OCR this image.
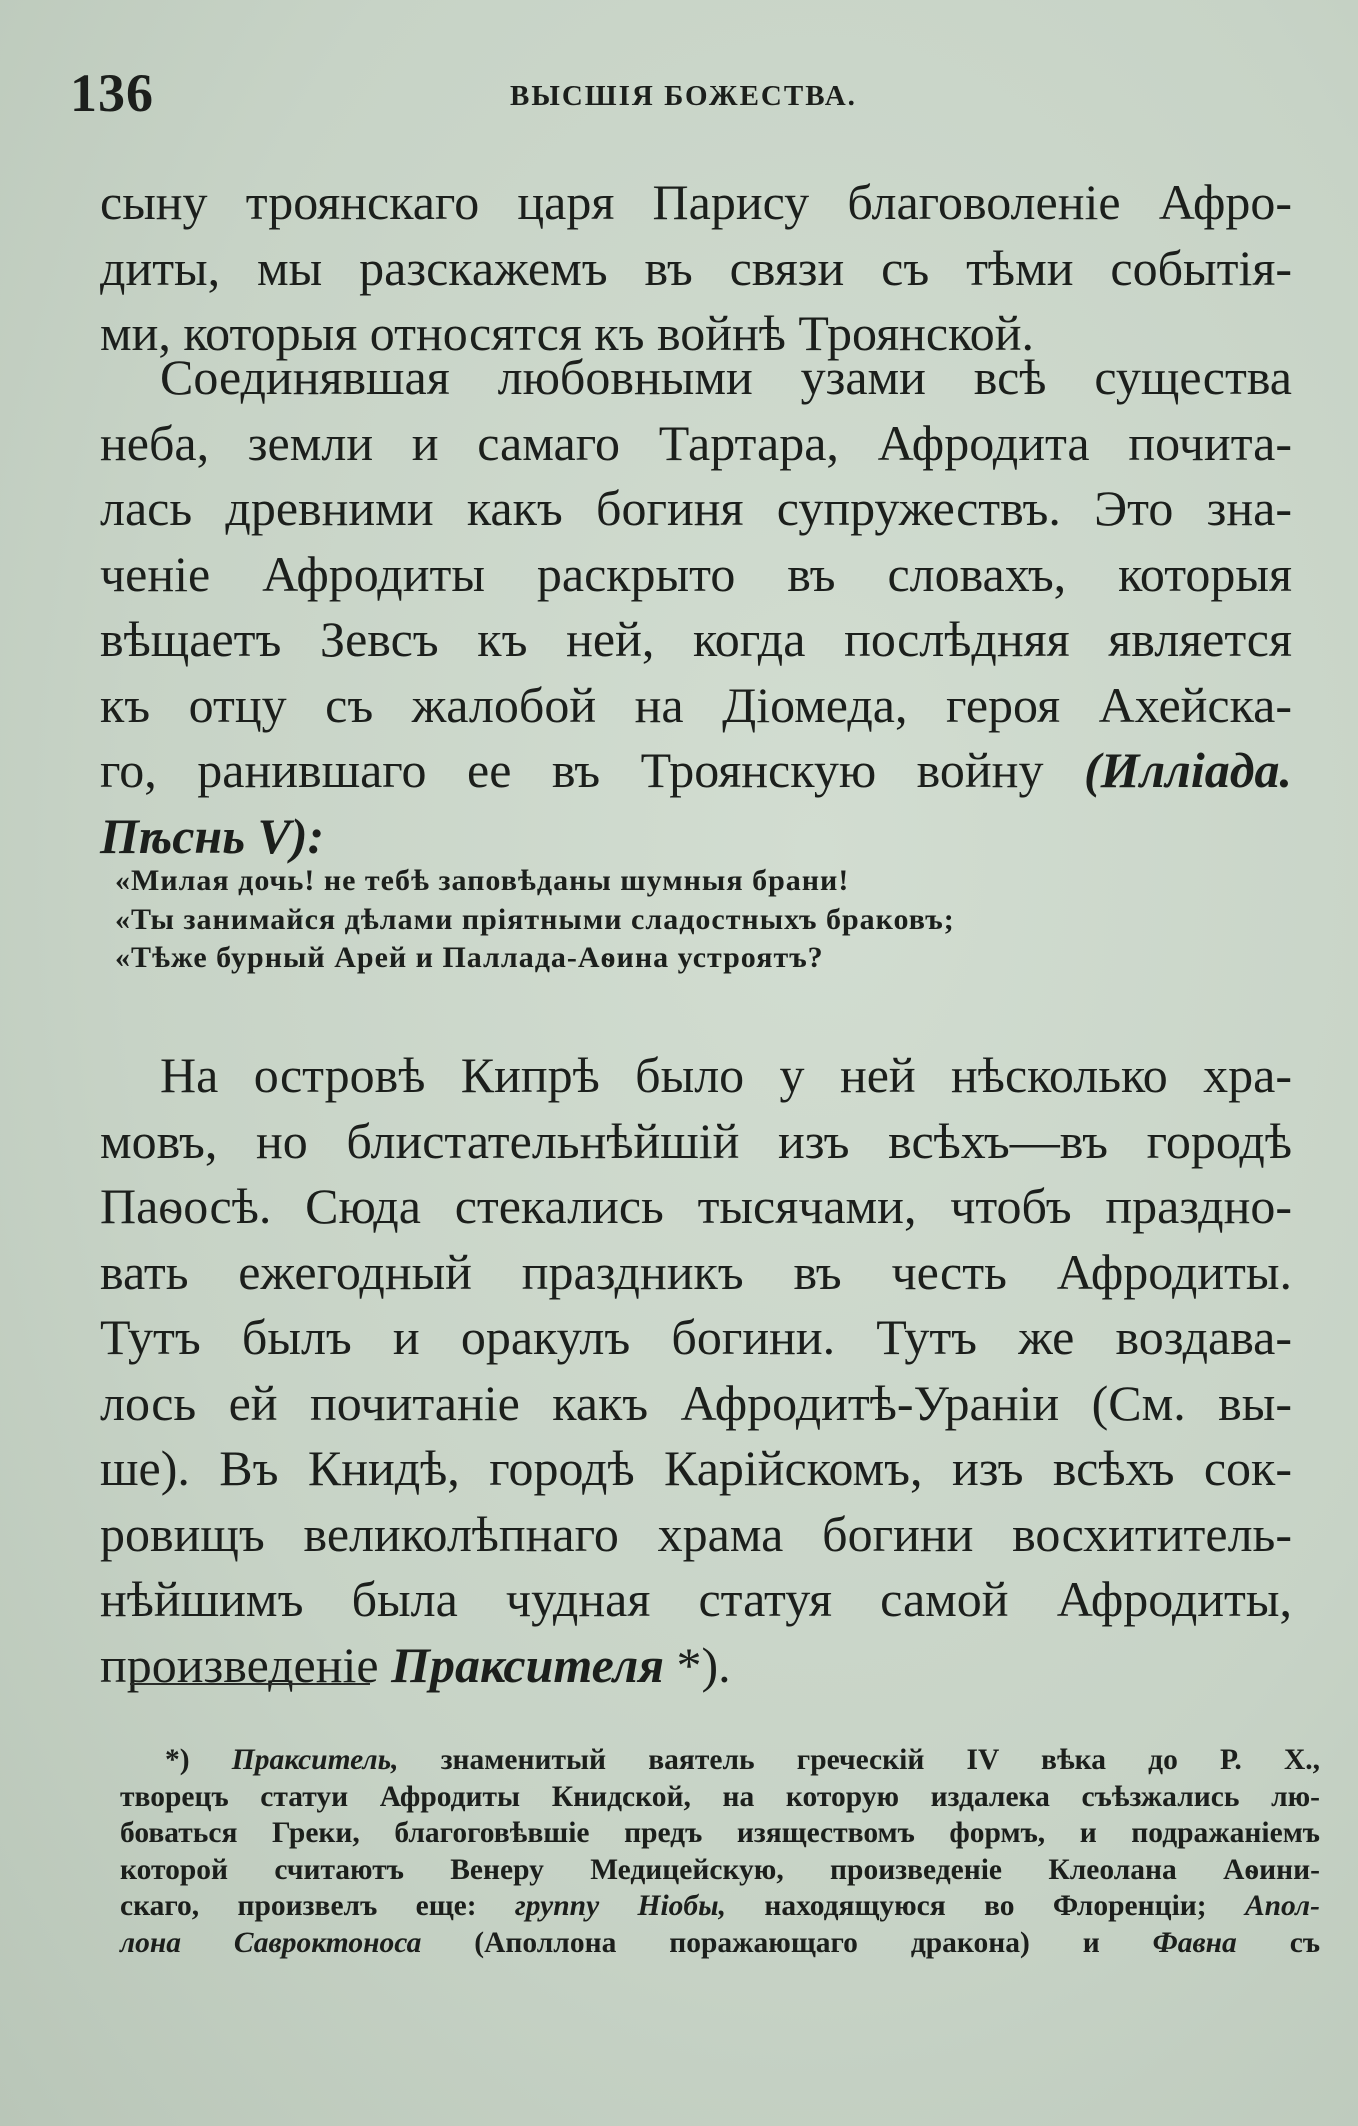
136	ВЫСШІЯ БОЖЕСТВА.
сыну троянскаго царя Парису благоволеніе Афро-
диты, мы разскажемъ въ связи съ тѣми событія-
ми, которыя относятся къ войнѣ Троянской.
Соединявшая любовными узами всѣ существа
неба, земли и самаго Тартара, Афродита почита-
лась древними какъ богиня супружествъ. Это зна-
ченіе Афродиты раскрыто въ словахъ, которыя
вѣщаетъ Зевсъ къ ней, когда послѣдняя является
къ отцу съ жалобой на Діомеда, героя Ахейска-
го, ранившаго ее въ Троянскую войну (Илліада.
Пѣснь V):
«Милая дочь! не тебѣ заповѣданы шумныя брани!
«Ты занимайся дѣлами пріятными сладостныхъ браковъ;
«Тѣже бурный Арей и Паллада-Аѳина устроятъ?
На островѣ Кипрѣ было у ней нѣсколько хра-
мовъ, но блистательнѣйшій изъ всѣхъ—въ городѣ
Паѳосѣ. Сюда стекались тысячами, чтобъ праздно-
вать ежегодный праздникъ въ честь Афродиты.
Тутъ былъ и оракулъ богини. Тутъ же воздава-
лось ей почитаніе какъ Афродитѣ-Ураніи (См. вы-
ше). Въ Книдѣ, городѣ Карійскомъ, изъ всѣхъ сок-
ровищъ великолѣпнаго храма богини восхититель-
нѣйшимъ была чудная статуя самой Афродиты,
произведеніе Праксителя *).
*) Пракситель, знаменитый ваятель греческій IV вѣка до Р. Х.,
творецъ статуи Афродиты Книдской, на которую издалека съѣзжались лю-
боваться Греки, благоговѣвшіе предъ изяществомъ формъ, и подражаніемъ
которой считаютъ Венеру Медицейскую, произведеніе Клеолана Аѳини-
скаго, произвелъ еще: группу Ніобы, находящуюся во Флоренціи; Апол-
лона Савроктоноса (Аполлона поражающаго дракона) и Фавна съ
